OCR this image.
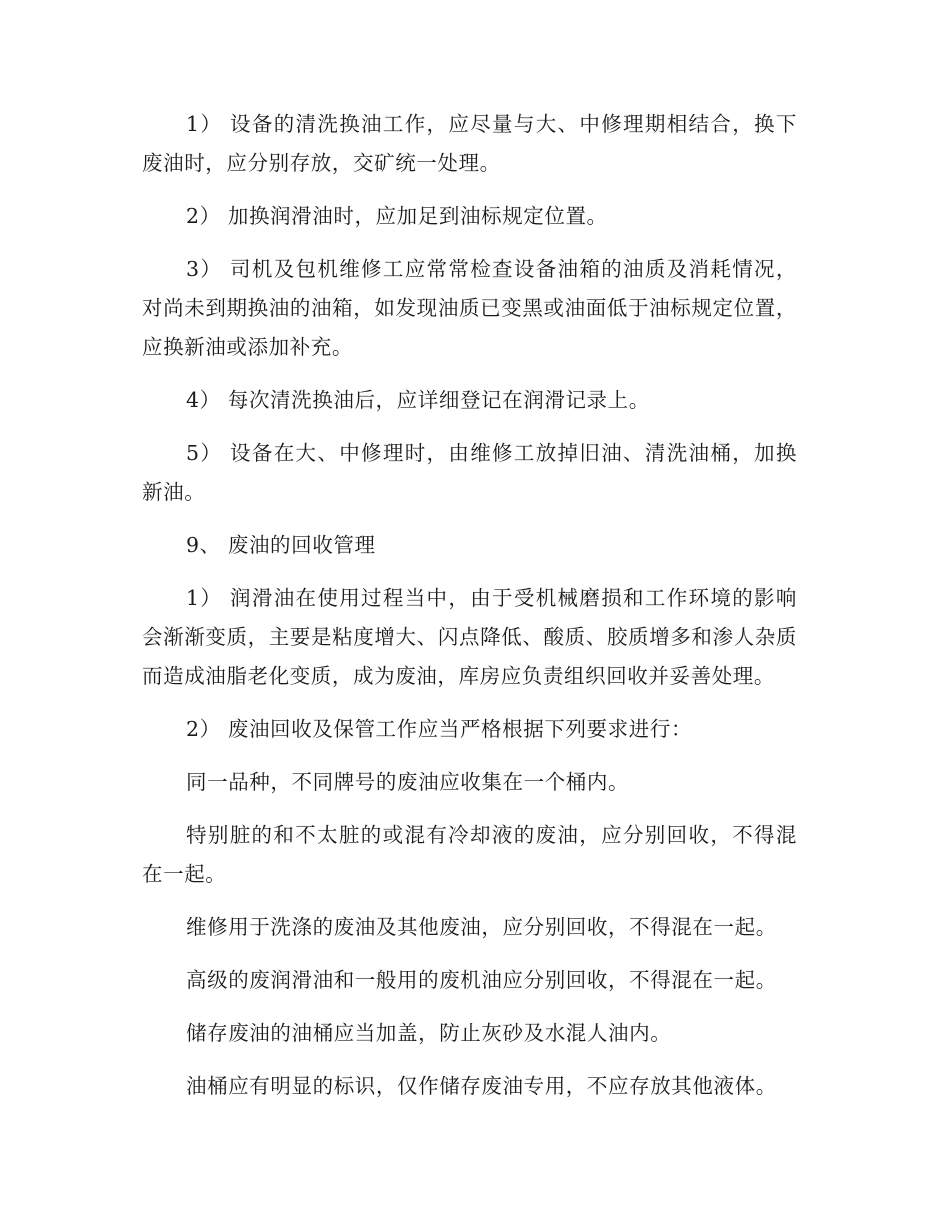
1） 设备的清洗换油工作，应尽量与大、中修理期相结合，换下废油时，应分别存放，交矿统一处理。

2） 加换润滑油时，应加足到油标规定位置。

3） 司机及包机维修工应常常检查设备油箱的油质及消耗情况，对尚未到期换油的油箱，如发现油质已变黑或油面低于油标规定位置，应换新油或添加补充。

4） 每次清洗换油后，应详细登记在润滑记录上。

5） 设备在大、中修理时，由维修工放掉旧油、清洗油桶，加换新油。

9、 废油的回收管理

1） 润滑油在使用过程当中，由于受机械磨损和工作环境的影响会渐渐变质，主要是粘度增大、闪点降低、酸质、胶质增多和渗人杂质而造成油脂老化变质，成为废油，库房应负责组织回收并妥善处理。

2） 废油回收及保管工作应当严格根据下列要求进行：

同一品种，不同牌号的废油应收集在一个桶内。

特别脏的和不太脏的或混有冷却液的废油，应分别回收，不得混在一起。

维修用于洗涤的废油及其他废油，应分别回收，不得混在一起。

高级的废润滑油和一般用的废机油应分别回收，不得混在一起。

储存废油的油桶应当加盖，防止灰砂及水混人油内。

油桶应有明显的标识，仅作储存废油专用，不应存放其他液体。
